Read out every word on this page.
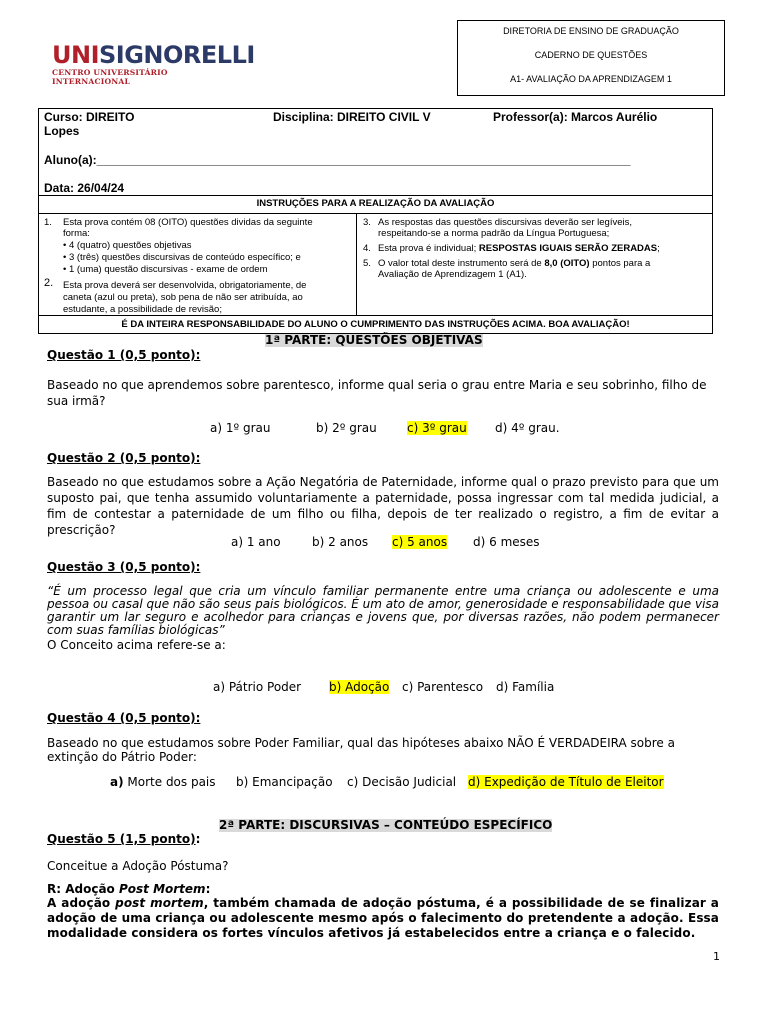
UNISIGNORELLI
CENTRO UNIVERSITÁRIO INTERNACIONAL
DIRETORIA DE ENSINO DE GRADUAÇÃO
CADERNO DE QUESTÕES
A1- AVALIAÇÃO DA APRENDIZAGEM 1
Curso: DIREITO	Disciplina: DIREITO CIVIL V	Professor(a): Marcos Aurélio
Lopes
Aluno(a):________________________________________________________________________________
Data: 26/04/24
INSTRUÇÕES PARA A REALIZAÇÃO DA AVALIAÇÃO
1. Esta prova contém 08 (OITO) questões dividas da seguinte
forma:
• 4 (quatro) questões objetivas
• 3 (três) questões discursivas de conteúdo específico; e
• 1 (uma) questão discursivas - exame de ordem
2. Esta prova deverá ser desenvolvida, obrigatoriamente, de
caneta (azul ou preta), sob pena de não ser atribuída, ao
estudante, a possibilidade de revisão;
3. As respostas das questões discursivas deverão ser legíveis,
respeitando-se a norma padrão da Língua Portuguesa;
4. Esta prova é individual; RESPOSTAS IGUAIS SERÃO ZERADAS;
5. O valor total deste instrumento será de 8,0 (OITO) pontos para a
Avaliação de Aprendizagem 1 (A1).
É DA INTEIRA RESPONSABILIDADE DO ALUNO O CUMPRIMENTO DAS INSTRUÇÕES ACIMA. BOA AVALIAÇÃO!
1ª PARTE: QUESTÕES OBJETIVAS
Questão 1 (0,5 ponto):
Baseado no que aprendemos sobre parentesco, informe qual seria o grau entre Maria e seu sobrinho, filho de sua irmã?
a) 1º grau	b) 2º grau	c) 3º grau d) 4º grau.
Questão 2 (0,5 ponto):
Baseado no que estudamos sobre a Ação Negatória de Paternidade, informe qual o prazo previsto para que um suposto pai, que tenha assumido voluntariamente a paternidade, possa ingressar com tal medida judicial, a fim de contestar a paternidade de um filho ou filha, depois de ter realizado o registro, a fim de evitar a prescrição?
a) 1 ano	b) 2 anos c) 5 anos d) 6 meses
Questão 3 (0,5 ponto):
“É um processo legal que cria um vínculo familiar permanente entre uma criança ou adolescente e uma pessoa ou casal que não são seus pais biológicos. É um ato de amor, generosidade e responsabilidade que visa garantir um lar seguro e acolhedor para crianças e jovens que, por diversas razões, não podem permanecer com suas famílias biológicas”
O Conceito acima refere-se a:
a) Pátrio Poder b) Adoção c) Parentesco d) Família
Questão 4 (0,5 ponto):
Baseado no que estudamos sobre Poder Familiar, qual das hipóteses abaixo NÃO É VERDADEIRA sobre a extinção do Pátrio Poder:
a) Morte dos pais b) Emancipação c) Decisão Judicial d) Expedição de Título de Eleitor
2ª PARTE: DISCURSIVAS – CONTEÚDO ESPECÍFICO
Questão 5 (1,5 ponto):
Conceitue a Adoção Póstuma?
R: Adoção Post Mortem:
A adoção post mortem, também chamada de adoção póstuma, é a possibilidade de se finalizar a adoção de uma criança ou adolescente mesmo após o falecimento do pretendente a adoção. Essa modalidade considera os fortes vínculos afetivos já estabelecidos entre a criança e o falecido.
1
